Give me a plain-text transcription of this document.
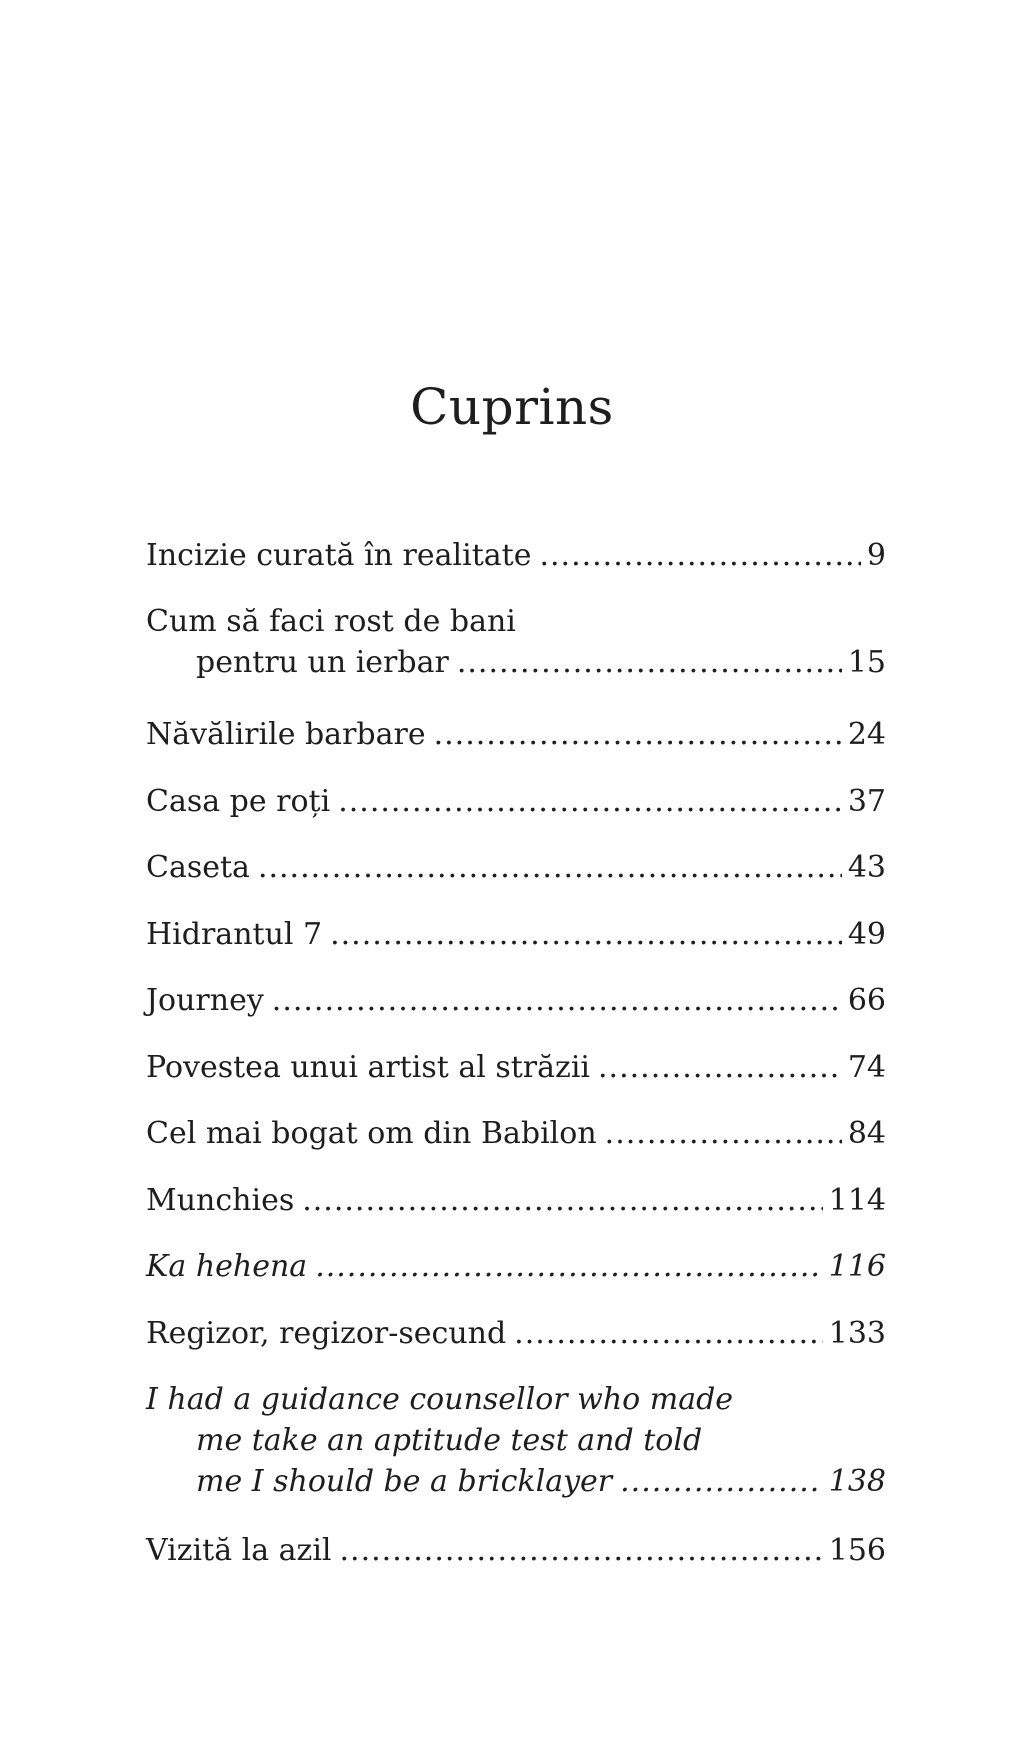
Cuprins
Incizie curată în realitate .....	9
Cum să faci rost de bani
pentru un ierbar .....	15
Năvălirile barbare .....	24
Casa pe roți .....	37
Caseta .....	43
Hidrantul 7 .....	49
Journey .....	66
Povestea unui artist al străzii .....	74
Cel mai bogat om din Babilon .....	84
Munchies .....	114
Ka hehena .....	116
Regizor, regizor-secund .....	133
I had a guidance counsellor who made
me take an aptitude test and told
me I should be a bricklayer .....	138
Vizită la azil .....	156
